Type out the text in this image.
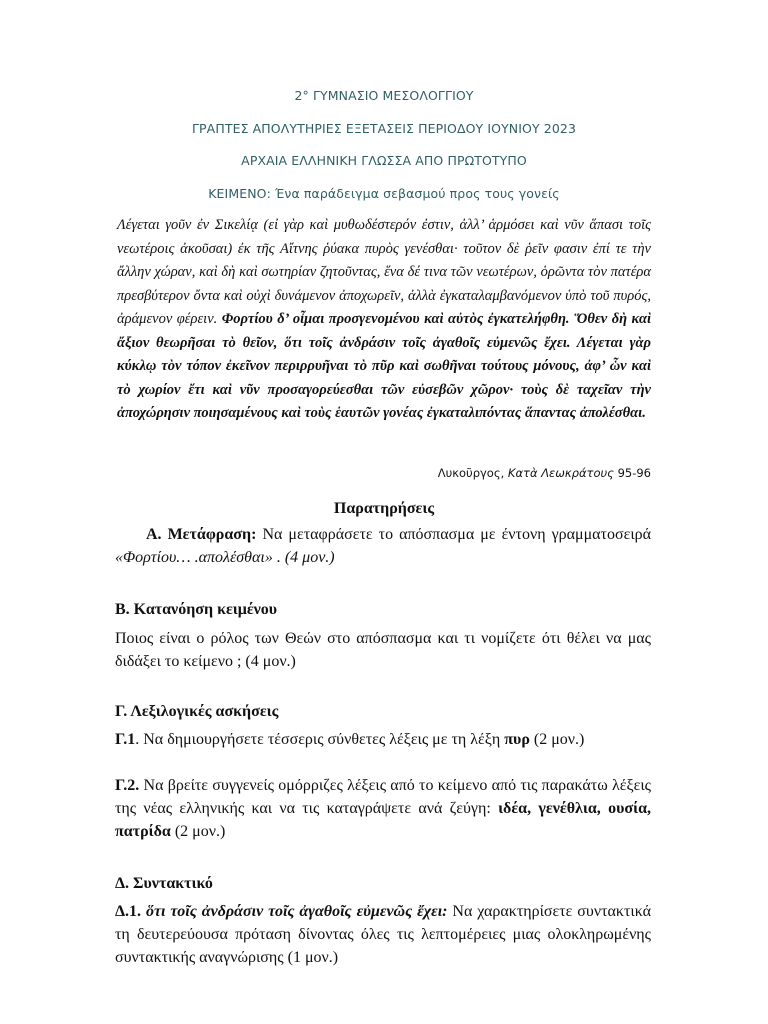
2° ΓΥΜΝΑΣΙΟ ΜΕΣΟΛΟΓΓΙΟΥ
ΓΡΑΠΤΕΣ ΑΠΟΛΥΤΗΡΙΕΣ ΕΞΕΤΑΣΕΙΣ ΠΕΡΙΟΔΟΥ ΙΟΥΝΙΟΥ 2023
ΑΡΧΑΙΑ ΕΛΛΗΝΙΚΗ ΓΛΩΣΣΑ ΑΠΟ ΠΡΩΤΟΤΥΠΟ
ΚΕΙΜΕΝΟ: Ένα παράδειγμα σεβασμού προς τους γονείς

Λέγεται γοῦν ἐν Σικελίᾳ (εἰ γὰρ καὶ μυθωδέστερόν ἐστιν, ἀλλ’ ἁρμόσει καὶ νῦν ἅπασι τοῖς νεωτέροις ἀκοῦσαι) ἐκ τῆς Αἴτνης ῥύακα πυρὸς γενέσθαι· τοῦτον δὲ ῥεῖν φασιν ἐπί τε τὴν ἄλλην χώραν, καὶ δὴ καὶ σωτηρίαν ζητοῦντας, ἕνα δέ τινα τῶν νεωτέρων, ὁρῶντα τὸν πατέρα πρεσβύτερον ὄντα καὶ οὐχὶ δυνάμενον ἀποχωρεῖν, ἀλλὰ ἐγκαταλαμβανόμενον ὑπὸ τοῦ πυρός, ἀράμενον φέρειν. Φορτίου δ’ οἶμαι προσγενομένου καὶ αὐτὸς ἐγκατελήφθη. Ὅθεν δὴ καὶ ἄξιον θεωρῆσαι τὸ θεῖον, ὅτι τοῖς ἀνδράσιν τοῖς ἀγαθοῖς εὐμενῶς ἔχει. Λέγεται γὰρ κύκλῳ τὸν τόπον ἐκεῖνον περιρρυῆναι τὸ πῦρ καὶ σωθῆναι τούτους μόνους, ἀφ’ ὧν καὶ τὸ χωρίον ἔτι καὶ νῦν προσαγορεύεσθαι τῶν εὐσεβῶν χῶρον· τοὺς δὲ ταχεῖαν τὴν ἀποχώρησιν ποιησαμένους καὶ τοὺς ἑαυτῶν γονέας ἐγκαταλιπόντας ἅπαντας ἀπολέσθαι.

Λυκοῦργος, Κατὰ Λεωκράτους 95-96
Παρατηρήσεις

Α. Μετάφραση: Να μεταφράσετε το απόσπασμα με έντονη γραμματοσειρά «Φορτίου… .απολέσθαι» . (4 μον.)

Β. Κατανόηση κειμένου

Ποιος είναι ο ρόλος των Θεών στο απόσπασμα και τι νομίζετε ότι θέλει να μας διδάξει το κείμενο ; (4 μον.)

Γ. Λεξιλογικές ασκήσεις

Γ.1. Να δημιουργήσετε τέσσερις σύνθετες λέξεις με τη λέξη πυρ (2 μον.)

Γ.2. Να βρείτε συγγενείς ομόρριζες λέξεις από το κείμενο από τις παρακάτω λέξεις της νέας ελληνικής και να τις καταγράψετε ανά ζεύγη: ιδέα, γενέθλια, ουσία, πατρίδα (2 μον.)

Δ. Συντακτικό

Δ.1. ὅτι τοῖς ἀνδράσιν τοῖς ἀγαθοῖς εὐμενῶς ἔχει: Να χαρακτηρίσετε συντακτικά τη δευτερεύουσα πρόταση δίνοντας όλες τις λεπτομέρειες μιας ολοκληρωμένης συντακτικής αναγνώρισης (1 μον.)
